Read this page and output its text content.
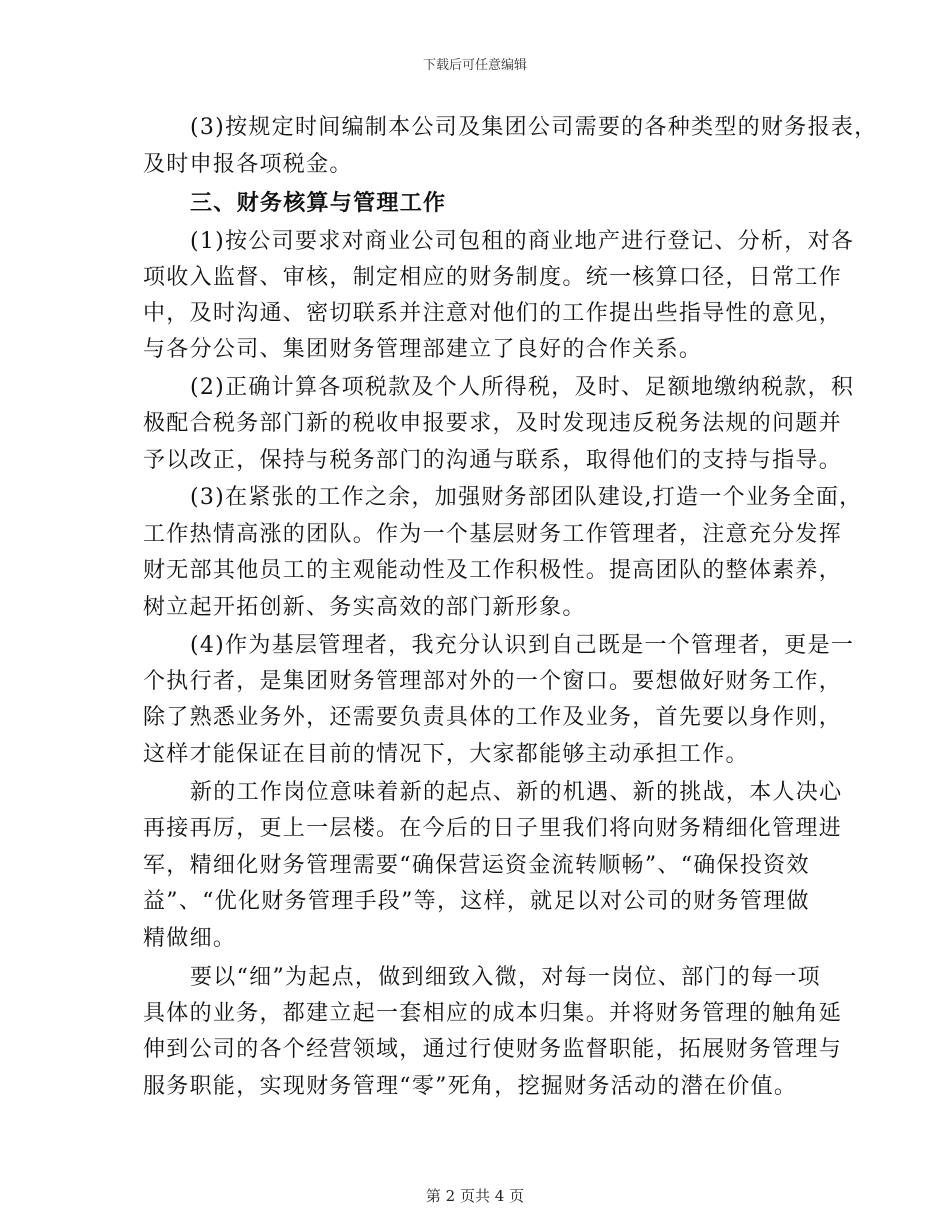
下载后可任意编辑
(3)按规定时间编制本公司及集团公司需要的各种类型的财务报表，
及时申报各项税金。
三、财务核算与管理工作
(1)按公司要求对商业公司包租的商业地产进行登记、分析，对各
项收入监督、审核，制定相应的财务制度。统一核算口径，日常工作
中，及时沟通、密切联系并注意对他们的工作提出些指导性的意见，
与各分公司、集团财务管理部建立了良好的合作关系。
(2)正确计算各项税款及个人所得税，及时、足额地缴纳税款，积
极配合税务部门新的税收申报要求，及时发现违反税务法规的问题并
予以改正，保持与税务部门的沟通与联系，取得他们的支持与指导。
(3)在紧张的工作之余，加强财务部团队建设,打造一个业务全面，
工作热情高涨的团队。作为一个基层财务工作管理者，注意充分发挥
财无部其他员工的主观能动性及工作积极性。提高团队的整体素养，
树立起开拓创新、务实高效的部门新形象。
(4)作为基层管理者，我充分认识到自己既是一个管理者，更是一
个执行者，是集团财务管理部对外的一个窗口。要想做好财务工作，
除了熟悉业务外，还需要负责具体的工作及业务，首先要以身作则，
这样才能保证在目前的情况下，大家都能够主动承担工作。
新的工作岗位意味着新的起点、新的机遇、新的挑战，本人决心
再接再厉，更上一层楼。在今后的日子里我们将向财务精细化管理进
军，精细化财务管理需要“确保营运资金流转顺畅”、“确保投资效
益”、“优化财务管理手段”等，这样，就足以对公司的财务管理做
精做细。
要以“细”为起点，做到细致入微，对每一岗位、部门的每一项
具体的业务，都建立起一套相应的成本归集。并将财务管理的触角延
伸到公司的各个经营领域，通过行使财务监督职能，拓展财务管理与
服务职能，实现财务管理“零”死角，挖掘财务活动的潜在价值。
第 2 页共 4 页
